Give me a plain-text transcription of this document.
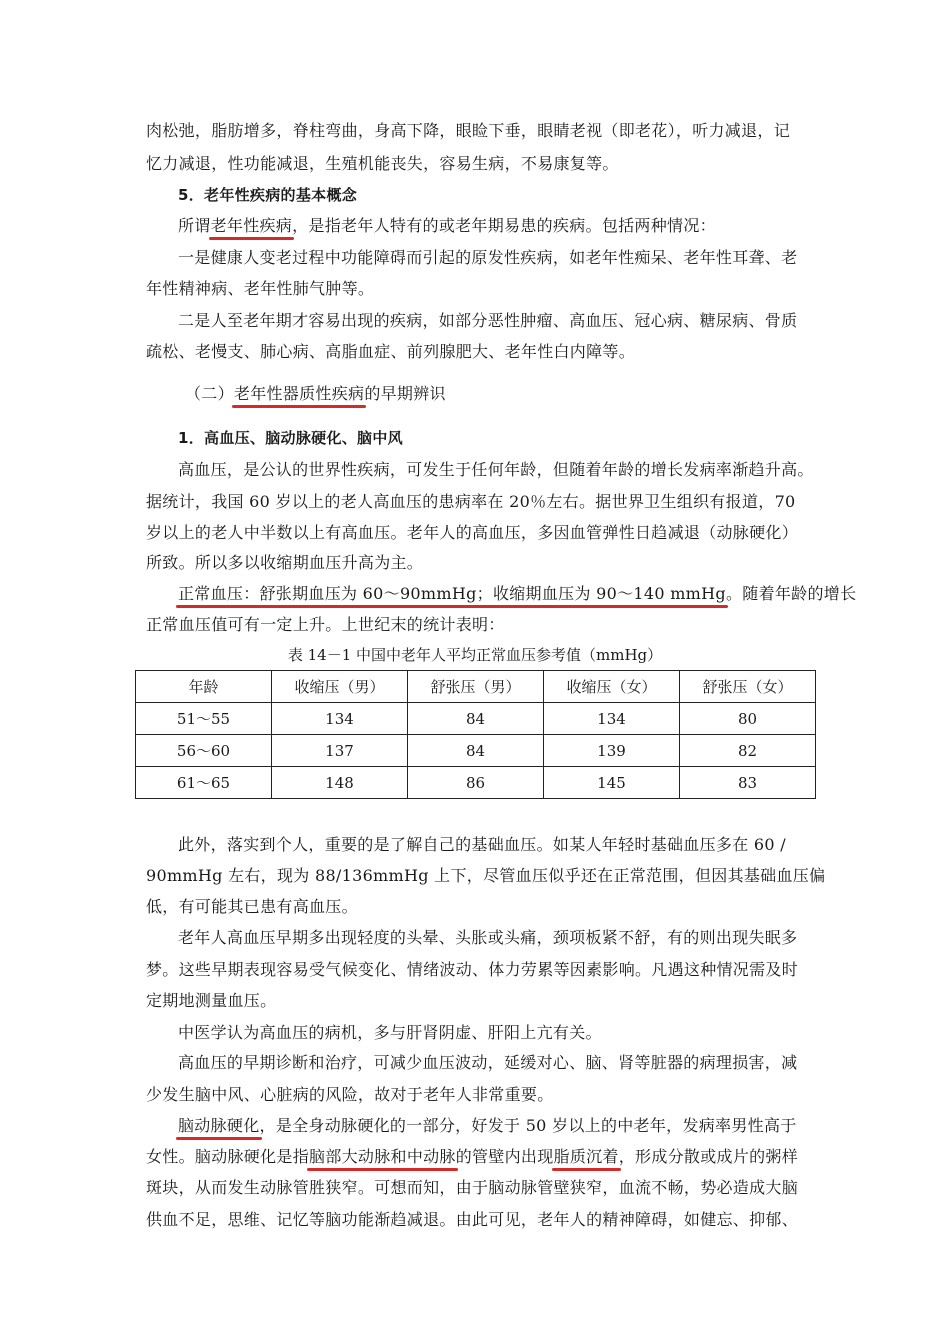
肉松弛，脂肪增多，脊柱弯曲，身高下降，眼睑下垂，眼睛老视（即老花），听力减退，记
忆力减退，性功能减退，生殖机能丧失，容易生病，不易康复等。
5．老年性疾病的基本概念
所谓老年性疾病，是指老年人特有的或老年期易患的疾病。包括两种情况：
一是健康人变老过程中功能障碍而引起的原发性疾病，如老年性痴呆、老年性耳聋、老
年性精神病、老年性肺气肿等。
二是人至老年期才容易出现的疾病，如部分恶性肿瘤、高血压、冠心病、糖尿病、骨质
疏松、老慢支、肺心病、高脂血症、前列腺肥大、老年性白内障等。
（二）老年性器质性疾病的早期辨识
1．高血压、脑动脉硬化、脑中风
高血压，是公认的世界性疾病，可发生于任何年龄，但随着年龄的增长发病率渐趋升高。
据统计，我国 60 岁以上的老人高血压的患病率在 20％左右。据世界卫生组织有报道，70
岁以上的老人中半数以上有高血压。老年人的高血压，多因血管弹性日趋减退（动脉硬化）
所致。所以多以收缩期血压升高为主。
正常血压：舒张期血压为 60～90mmHg；收缩期血压为 90～140 mmHg。随着年龄的增长
正常血压值可有一定上升。上世纪末的统计表明：
表 14－1 中国中老年人平均正常血压参考值（mmHg）
年龄	收缩压（男）	舒张压（男）	收缩压（女）	舒张压（女）
51～55	134	84	134	80
56～60	137	84	139	82
61～65	148	86	145	83
此外，落实到个人，重要的是了解自己的基础血压。如某人年轻时基础血压多在 60 /
90mmHg 左右，现为 88/136mmHg 上下，尽管血压似乎还在正常范围，但因其基础血压偏
低，有可能其已患有高血压。
老年人高血压早期多出现轻度的头晕、头胀或头痛，颈项板紧不舒，有的则出现失眠多
梦。这些早期表现容易受气候变化、情绪波动、体力劳累等因素影响。凡遇这种情况需及时
定期地测量血压。
中医学认为高血压的病机，多与肝肾阴虚、肝阳上亢有关。
高血压的早期诊断和治疗，可减少血压波动，延缓对心、脑、肾等脏器的病理损害，减
少发生脑中风、心脏病的风险，故对于老年人非常重要。
脑动脉硬化，是全身动脉硬化的一部分，好发于 50 岁以上的中老年，发病率男性高于
女性。脑动脉硬化是指脑部大动脉和中动脉的管壁内出现脂质沉着，形成分散或成片的粥样
斑块，从而发生动脉管胜狭窄。可想而知，由于脑动脉管壁狭窄，血流不畅，势必造成大脑
供血不足，思维、记忆等脑功能渐趋减退。由此可见，老年人的精神障碍，如健忘、抑郁、
